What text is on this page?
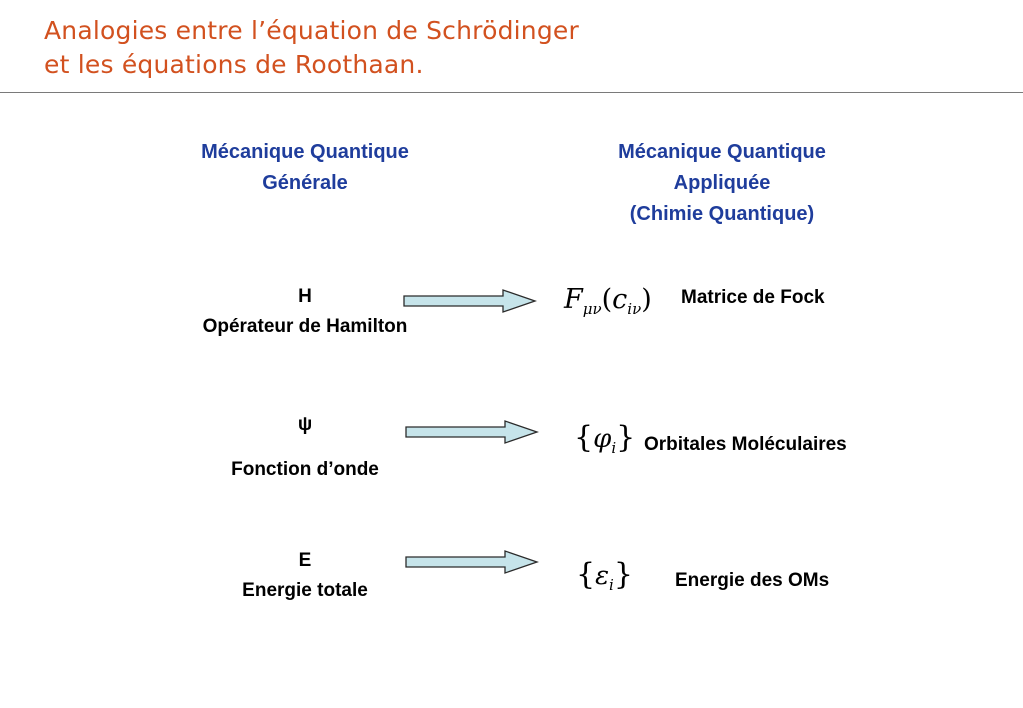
Analogies entre l’équation de Schrödinger
et les équations de Roothaan.
Mécanique Quantique
Générale
Mécanique Quantique
Appliquée
(Chimie Quantique)
H
Opérateur de Hamilton
$F_{\mu\nu}(c_{i\nu})$ Matrice de Fock
ψ
Fonction d’onde
$\{\varphi_i\}$ Orbitales Moléculaires
E
Energie totale	$\{\varepsilon_i\}$ Energie des OMs
